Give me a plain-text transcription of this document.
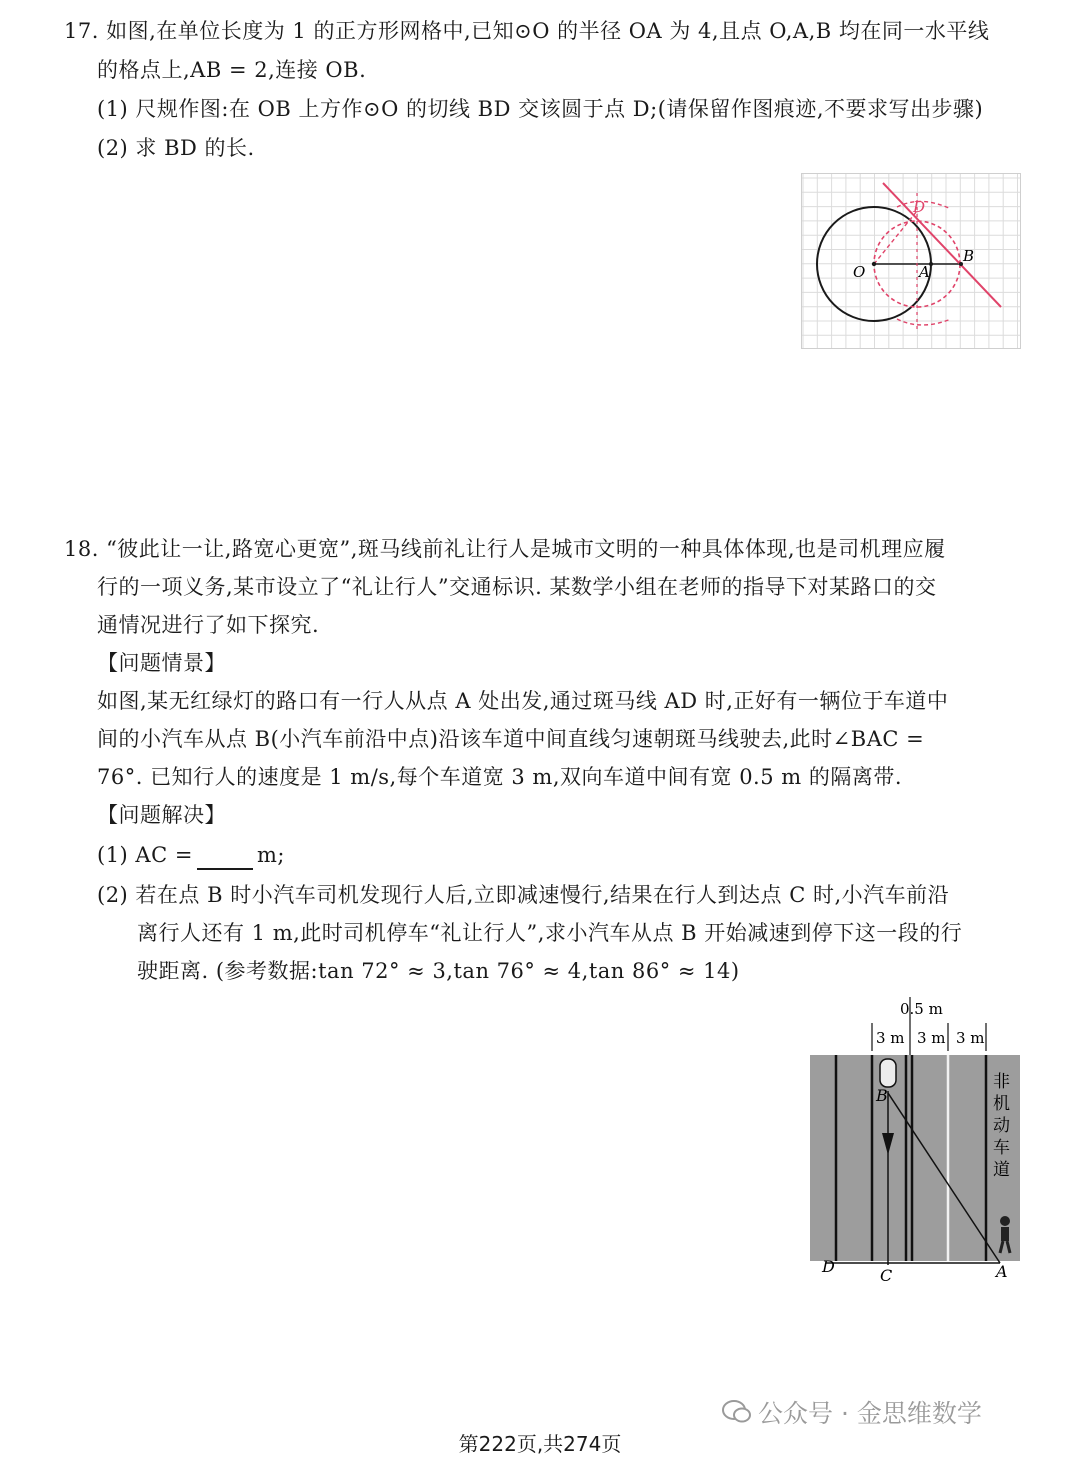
17. 如图,在单位长度为 1 的正方形网格中,已知⊙O 的半径 OA 为 4,且点 O,A,B 均在同一水平线
的格点上,AB = 2,连接 OB.
(1) 尺规作图:在 OB 上方作⊙O 的切线 BD 交该圆于点 D;(请保留作图痕迹,不要求写出步骤)
(2) 求 BD 的长.
O	A
B
D
18. “彼此让一让,路宽心更宽”,斑马线前礼让行人是城市文明的一种具体体现,也是司机理应履
行的一项义务,某市设立了“礼让行人”交通标识. 某数学小组在老师的指导下对某路口的交
通情况进行了如下探究.
【问题情景】
如图,某无红绿灯的路口有一行人从点 A 处出发,通过斑马线 AD 时,正好有一辆位于车道中
间的小汽车从点 B(小汽车前沿中点)沿该车道中间直线匀速朝斑马线驶去,此时∠BAC =
76°. 已知行人的速度是 1 m/s,每个车道宽 3 m,双向车道中间有宽 0.5 m 的隔离带.
【问题解决】
(1) AC =	m;
(2) 若在点 B 时小汽车司机发现行人后,立即减速慢行,结果在行人到达点 C 时,小汽车前沿
离行人还有 1 m,此时司机停车“礼让行人”,求小汽车从点 B 开始减速到停下这一段的行
驶距离. (参考数据:tan 72° ≈ 3,tan 76° ≈ 4,tan 86° ≈ 14)
0.5 m
3 m 3 m 3 m
非
机
动
车
道
B
C
D	A
公众号 · 金思维数学
第222页,共274页
